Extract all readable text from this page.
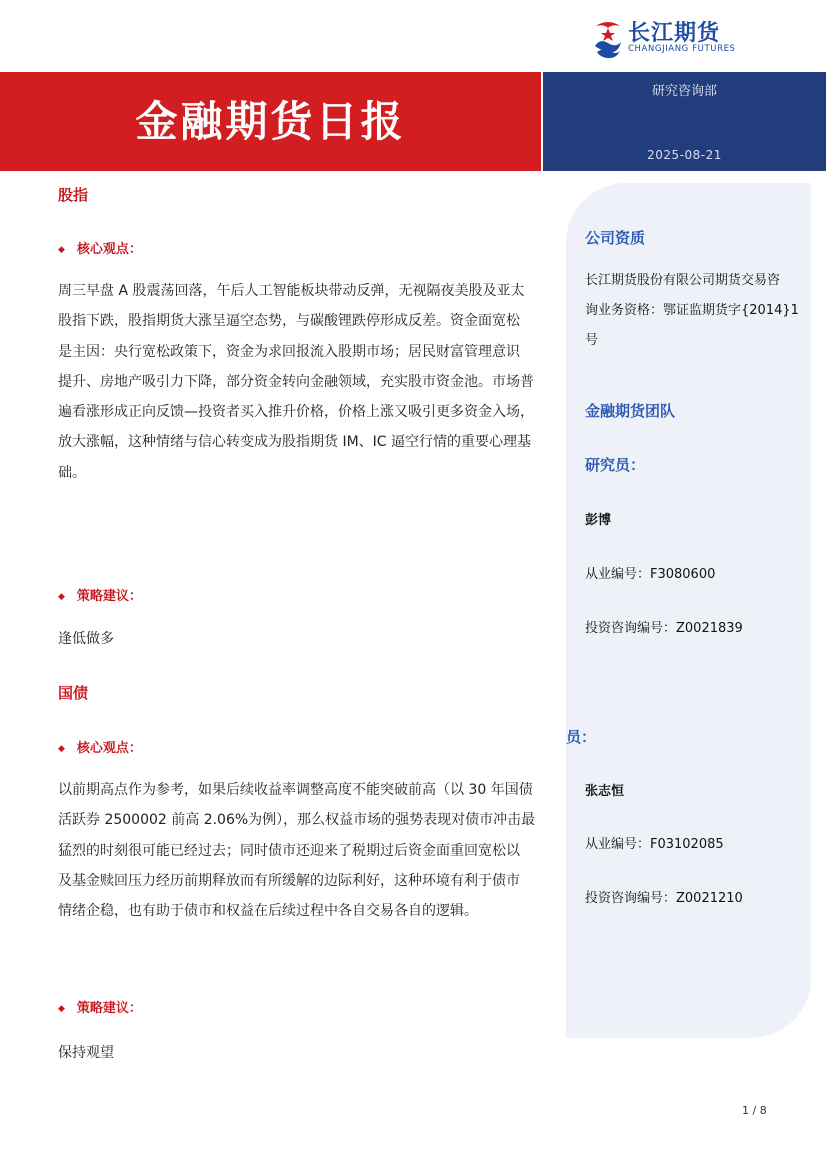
长江期货
CHANGJIANG FUTURES
金融期货日报
研究咨询部
2025-08-21
公司资质
长江期货股份有限公司期货交易咨
询业务资格：鄂证监期货字{2014}1
号
金融期货团队
研究员：
彭博
从业编号：F3080600
投资咨询编号：Z0021839
员：
张志恒
从业编号：F03102085
投资咨询编号：Z0021210
股指
◆ 核心观点：
周三早盘 A 股震荡回落，午后人工智能板块带动反弹，无视隔夜美股及亚太
股指下跌，股指期货大涨呈逼空态势，与碳酸锂跌停形成反差。资金面宽松
是主因：央行宽松政策下，资金为求回报流入股期市场；居民财富管理意识
提升、房地产吸引力下降，部分资金转向金融领域，充实股市资金池。市场普
遍看涨形成正向反馈—投资者买入推升价格，价格上涨又吸引更多资金入场，
放大涨幅，这种情绪与信心转变成为股指期货 IM、IC 逼空行情的重要心理基
础。
◆ 策略建议：
逢低做多
国债
◆ 核心观点：
以前期高点作为参考，如果后续收益率调整高度不能突破前高（以 30 年国债
活跃券 2500002 前高 2.06%为例），那么权益市场的强势表现对债市冲击最
猛烈的时刻很可能已经过去；同时债市还迎来了税期过后资金面重回宽松以
及基金赎回压力经历前期释放而有所缓解的边际利好，这种环境有利于债市
情绪企稳，也有助于债市和权益在后续过程中各自交易各自的逻辑。
◆ 策略建议：
保持观望
1 / 8
